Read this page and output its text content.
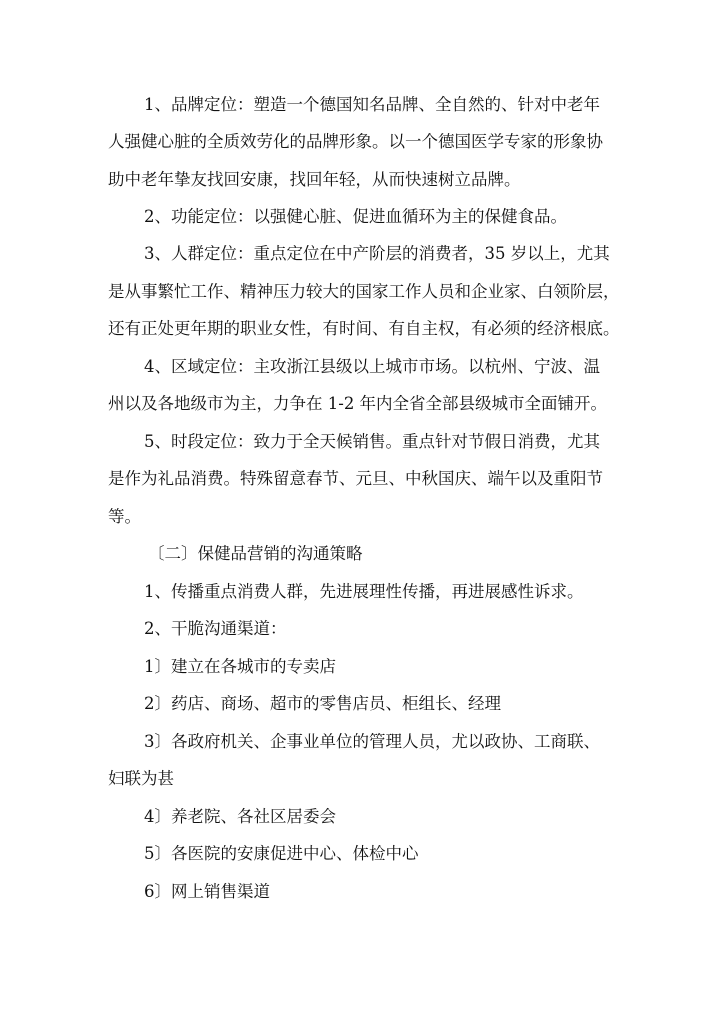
1、品牌定位：塑造一个德国知名品牌、全自然的、针对中老年
人强健心脏的全质效劳化的品牌形象。以一个德国医学专家的形象协
助中老年挚友找回安康，找回年轻，从而快速树立品牌。
2、功能定位：以强健心脏、促进血循环为主的保健食品。
3、人群定位：重点定位在中产阶层的消费者，35 岁以上，尤其
是从事繁忙工作、精神压力较大的国家工作人员和企业家、白领阶层，
还有正处更年期的职业女性，有时间、有自主权，有必须的经济根底。
4、区域定位：主攻浙江县级以上城市市场。以杭州、宁波、温
州以及各地级市为主，力争在 1-2 年内全省全部县级城市全面铺开。
5、时段定位：致力于全天候销售。重点针对节假日消费，尤其
是作为礼品消费。特殊留意春节、元旦、中秋国庆、端午以及重阳节
等。
〔二〕保健品营销的沟通策略
1、传播重点消费人群，先进展理性传播，再进展感性诉求。
2、干脆沟通渠道：
1〕建立在各城市的专卖店
2〕药店、商场、超市的零售店员、柜组长、经理
3〕各政府机关、企事业单位的管理人员，尤以政协、工商联、
妇联为甚
4〕养老院、各社区居委会
5〕各医院的安康促进中心、体检中心
6〕网上销售渠道
